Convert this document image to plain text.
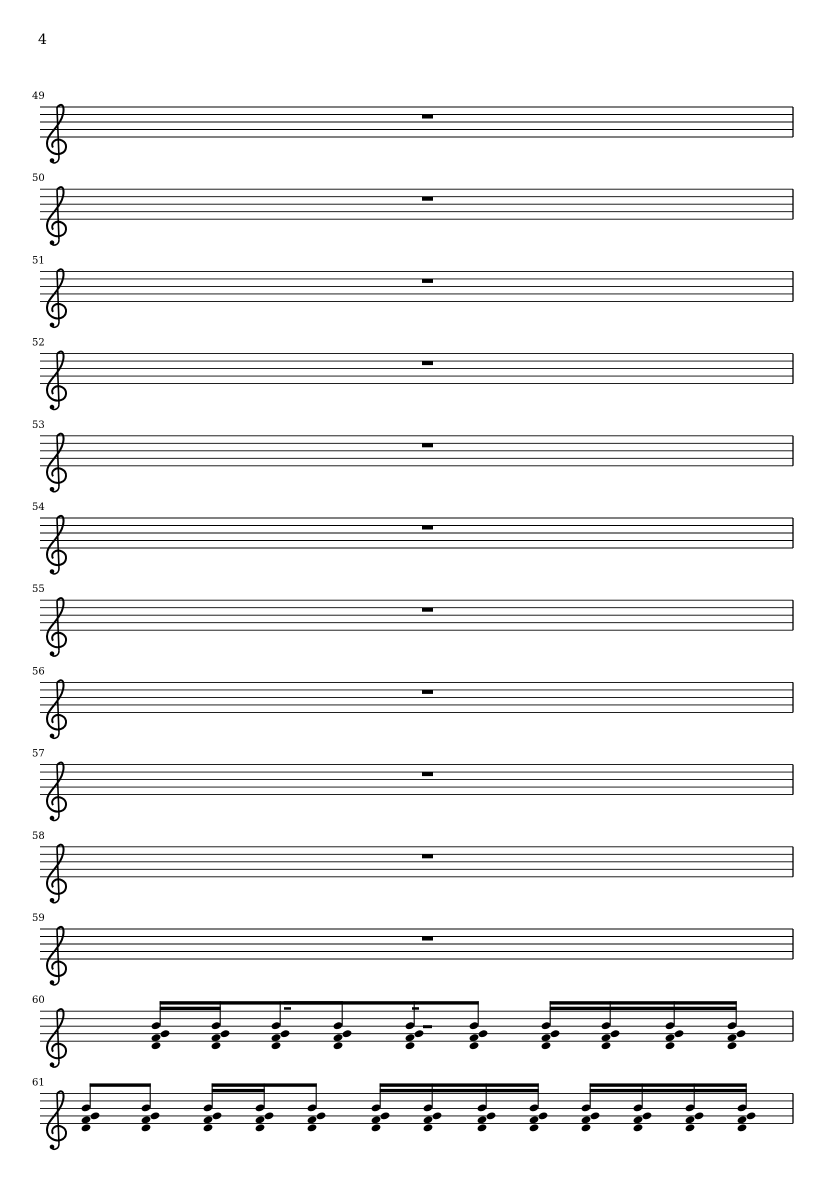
4
49
50
51
52
53
54
55
56
57
58
59
60
61
